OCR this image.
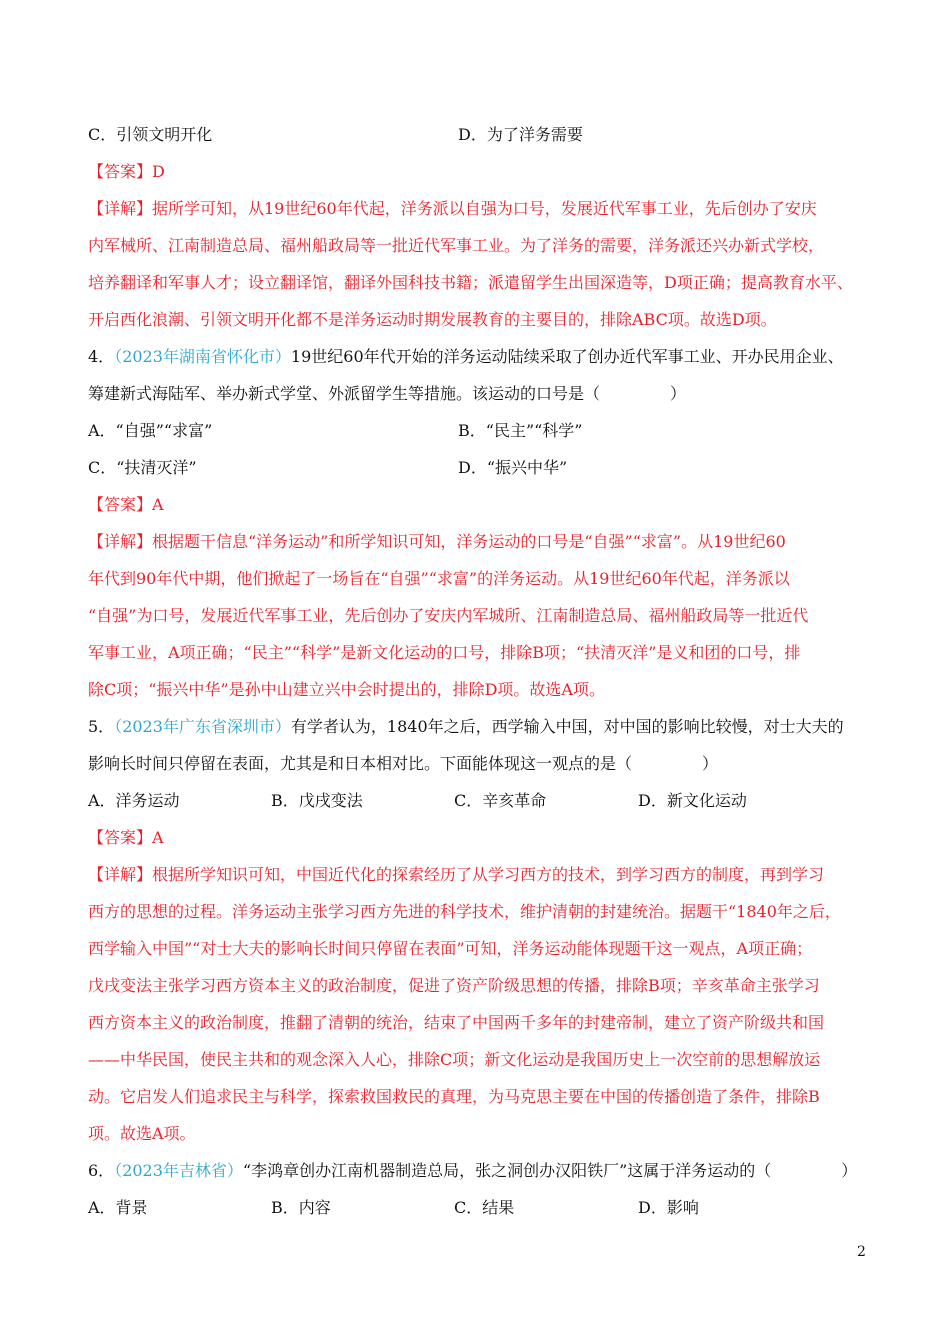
C．引领文明开化	D．为了洋务需要
【答案】D
【详解】据所学可知，从19世纪60年代起，洋务派以自强为口号，发展近代军事工业，先后创办了安庆
内军械所、江南制造总局、福州船政局等一批近代军事工业。为了洋务的需要，洋务派还兴办新式学校，
培养翻译和军事人才；设立翻译馆，翻译外国科技书籍；派遣留学生出国深造等，D项正确；提高教育水平、
开启西化浪潮、引领文明开化都不是洋务运动时期发展教育的主要目的，排除ABC项。故选D项。
4．（2023年湖南省怀化市）19世纪60年代开始的洋务运动陆续采取了创办近代军事工业、开办民用企业、
筹建新式海陆军、举办新式学堂、外派留学生等措施。该运动的口号是（	）
A．“自强”“求富”	B．“民主”“科学”
C．“扶清灭洋”	D．“振兴中华”
【答案】A
【详解】根据题干信息“洋务运动”和所学知识可知，洋务运动的口号是“自强”“求富”。从19世纪60
年代到90年代中期，他们掀起了一场旨在“自强”“求富”的洋务运动。从19世纪60年代起，洋务派以
“自强”为口号，发展近代军事工业，先后创办了安庆内军城所、江南制造总局、福州船政局等一批近代
军事工业，A项正确；“民主”“科学”是新文化运动的口号，排除B项；“扶清灭洋”是义和团的口号，排
除C项；“振兴中华”是孙中山建立兴中会时提出的，排除D项。故选A项。
5．（2023年广东省深圳市）有学者认为，1840年之后，西学输入中国，对中国的影响比较慢，对士大夫的
影响长时间只停留在表面，尤其是和日本相对比。下面能体现这一观点的是（	）
A．洋务运动	B．戊戌变法	C．辛亥革命	D．新文化运动
【答案】A
【详解】根据所学知识可知，中国近代化的探索经历了从学习西方的技术，到学习西方的制度，再到学习
西方的思想的过程。洋务运动主张学习西方先进的科学技术，维护清朝的封建统治。据题干“1840年之后，
西学输入中国”“对士大夫的影响长时间只停留在表面”可知，洋务运动能体现题干这一观点，A项正确；
戊戌变法主张学习西方资本主义的政治制度，促进了资产阶级思想的传播，排除B项；辛亥革命主张学习
西方资本主义的政治制度，推翻了清朝的统治，结束了中国两千多年的封建帝制，建立了资产阶级共和国
——中华民国，使民主共和的观念深入人心，排除C项；新文化运动是我国历史上一次空前的思想解放运
动。它启发人们追求民主与科学，探索救国救民的真理，为马克思主要在中国的传播创造了条件，排除B
项。故选A项。
6．（2023年吉林省）“李鸿章创办江南机器制造总局，张之洞创办汉阳铁厂”这属于洋务运动的（	）
A．背景	B．内容	C．结果	D．影响
2
